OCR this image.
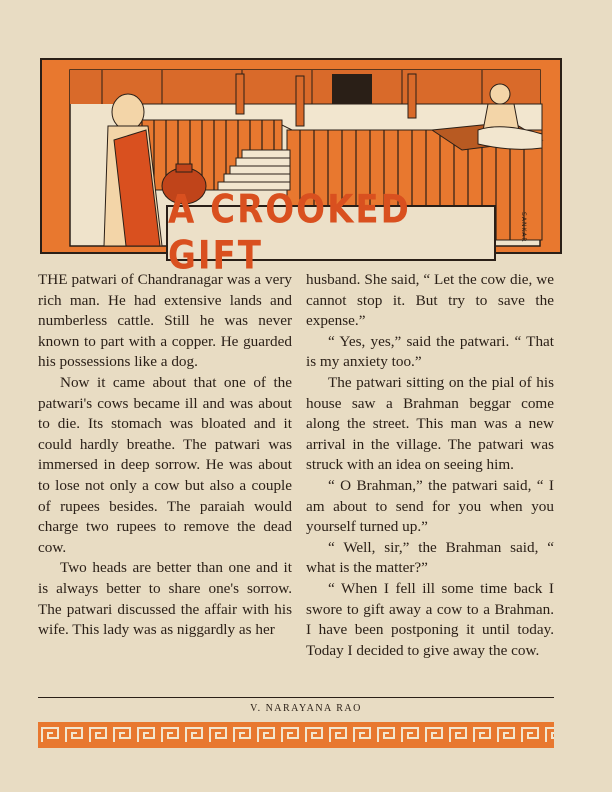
A CROOKED GIFT
SANKAR

THE patwari of Chandranagar was a very rich man. He had extensive lands and numberless cattle. Still he was never known to part with a copper. He guarded his possessions like a dog.

Now it came about that one of the patwari's cows became ill and was about to die. Its stomach was bloated and it could hardly breathe. The patwari was immersed in deep sorrow. He was about to lose not only a cow but also a couple of rupees besides. The paraiah would charge two rupees to remove the dead cow.

Two heads are better than one and it is always better to share one's sorrow. The patwari discussed the affair with his wife. This lady was as niggardly as her

husband. She said, “ Let the cow die, we cannot stop it. But try to save the expense.”

“ Yes, yes,” said the patwari. “ That is my anxiety too.”

The patwari sitting on the pial of his house saw a Brahman beggar come along the street. This man was a new arrival in the village. The patwari was struck with an idea on seeing him.

“ O Brahman,” the patwari said, “ I am about to send for you when you yourself turned up.”

“ Well, sir,” the Brahman said, “ what is the matter?”

“ When I fell ill some time back I swore to gift away a cow to a Brahman. I have been postponing it until today. Today I decided to give away the cow.

V. NARAYANA RAO
